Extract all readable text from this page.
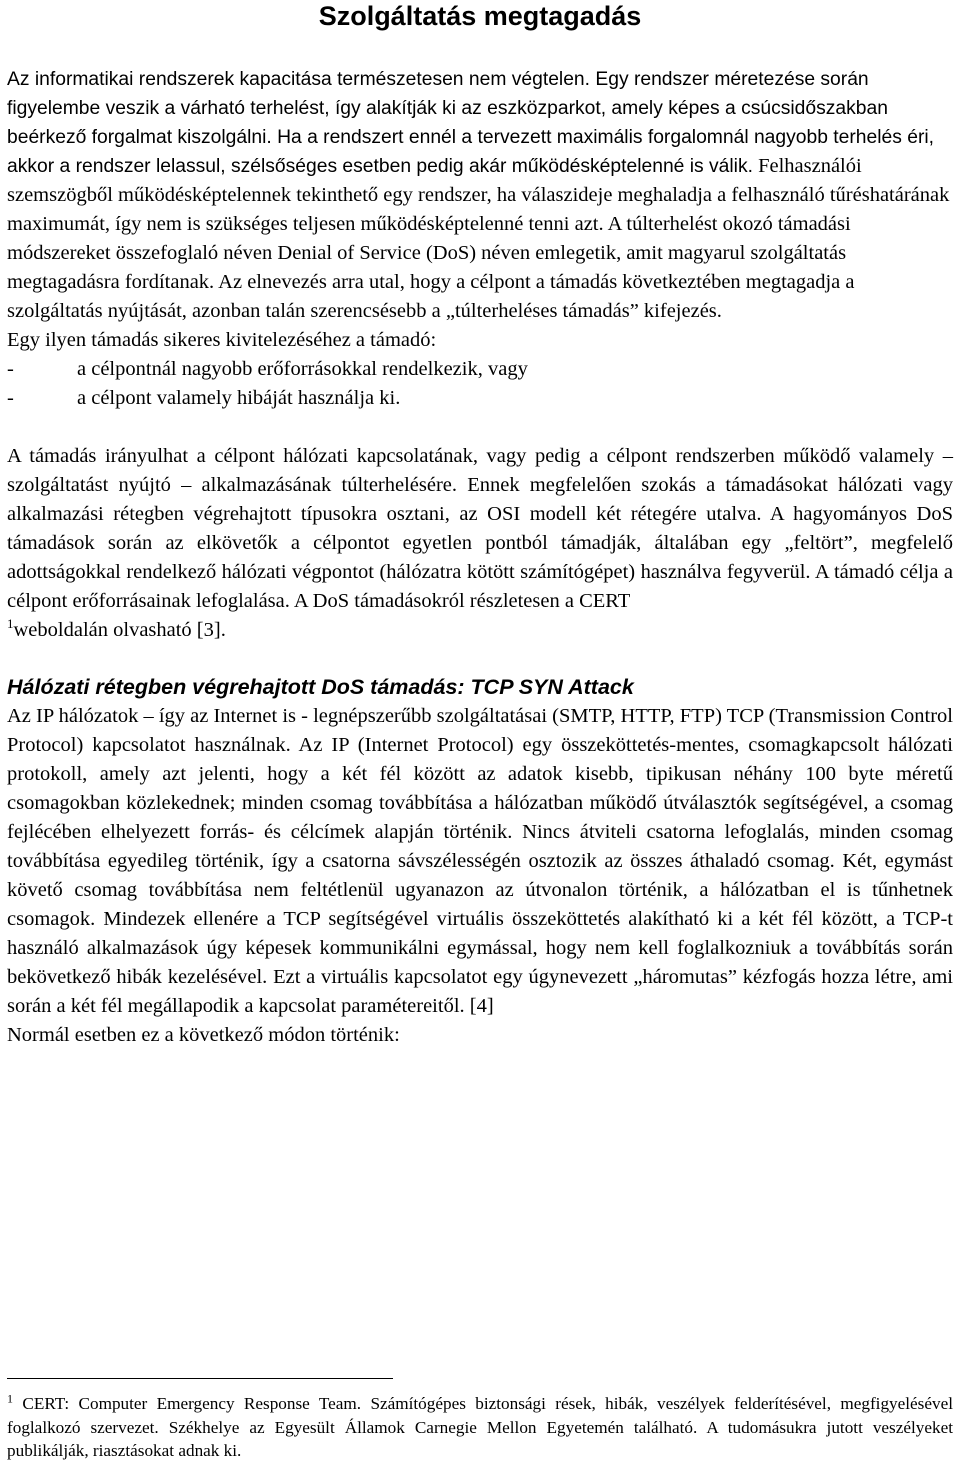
Szolgáltatás megtagadás

Az informatikai rendszerek kapacitása természetesen nem végtelen. Egy rendszer méretezése során figyelembe veszik a várható terhelést, így alakítják ki az eszközparkot, amely képes a csúcsidőszakban beérkező forgalmat kiszolgálni. Ha a rendszert ennél a tervezett maximális forgalomnál nagyobb terhelés éri, akkor a rendszer lelassul, szélsőséges esetben pedig akár működésképtelenné is válik. Felhasználói szemszögből működésképtelennek tekinthető egy rendszer, ha válaszideje meghaladja a felhasználó tűréshatárának maximumát, így nem is szükséges teljesen működésképtelenné tenni azt. A túlterhelést okozó támadási módszereket összefoglaló néven Denial of Service (DoS) néven emlegetik, amit magyarul szolgáltatás megtagadásra fordítanak. Az elnevezés arra utal, hogy a célpont a támadás következtében megtagadja a szolgáltatás nyújtását, azonban talán szerencsésebb a „túlterheléses támadás” kifejezés.

Egy ilyen támadás sikeres kivitelezéséhez a támadó:

-	a célpontnál nagyobb erőforrásokkal rendelkezik, vagy
-	a célpont valamely hibáját használja ki.

A támadás irányulhat a célpont hálózati kapcsolatának, vagy pedig a célpont rendszerben működő valamely – szolgáltatást nyújtó – alkalmazásának túlterhelésére. Ennek megfelelően szokás a támadásokat hálózati vagy alkalmazási rétegben végrehajtott típusokra osztani, az OSI modell két rétegére utalva. A hagyományos DoS támadások során az elkövetők a célpontot egyetlen pontból támadják, általában egy „feltört”, megfelelő adottságokkal rendelkező hálózati végpontot (hálózatra kötött számítógépet) használva fegyverül. A támadó célja a célpont erőforrásainak lefoglalása. A DoS támadásokról részletesen a CERT
$^1$weboldalán olvasható [3].

Hálózati rétegben végrehajtott DoS támadás: TCP SYN Attack

Az IP hálózatok – így az Internet is - legnépszerűbb szolgáltatásai (SMTP, HTTP, FTP) TCP (Transmission Control Protocol) kapcsolatot használnak. Az IP (Internet Protocol) egy összeköttetés-mentes, csomagkapcsolt hálózati protokoll, amely azt jelenti, hogy a két fél között az adatok kisebb, tipikusan néhány 100 byte méretű csomagokban közlekednek; minden csomag továbbítása a hálózatban működő útválasztók segítségével, a csomag fejlécében elhelyezett forrás- és célcímek alapján történik. Nincs átviteli csatorna lefoglalás, minden csomag továbbítása egyedileg történik, így a csatorna sávszélességén osztozik az összes áthaladó csomag. Két, egymást követő csomag továbbítása nem feltétlenül ugyanazon az útvonalon történik, a hálózatban el is tűnhetnek csomagok. Mindezek ellenére a TCP segítségével virtuális összeköttetés alakítható ki a két fél között, a TCP-t használó alkalmazások úgy képesek kommunikálni egymással, hogy nem kell foglalkozniuk a továbbítás során bekövetkező hibák kezelésével. Ezt a virtuális kapcsolatot egy úgynevezett „háromutas” kézfogás hozza létre, ami során a két fél megállapodik a kapcsolat paramétereitől. [4]

Normál esetben ez a következő módon történik:

$^1$ CERT: Computer Emergency Response Team. Számítógépes biztonsági rések, hibák, veszélyek felderítésével, megfigyelésével foglalkozó szervezet. Székhelye az Egyesült Államok Carnegie Mellon Egyetemén található. A tudomásukra jutott veszélyeket publikálják, riasztásokat adnak ki.
